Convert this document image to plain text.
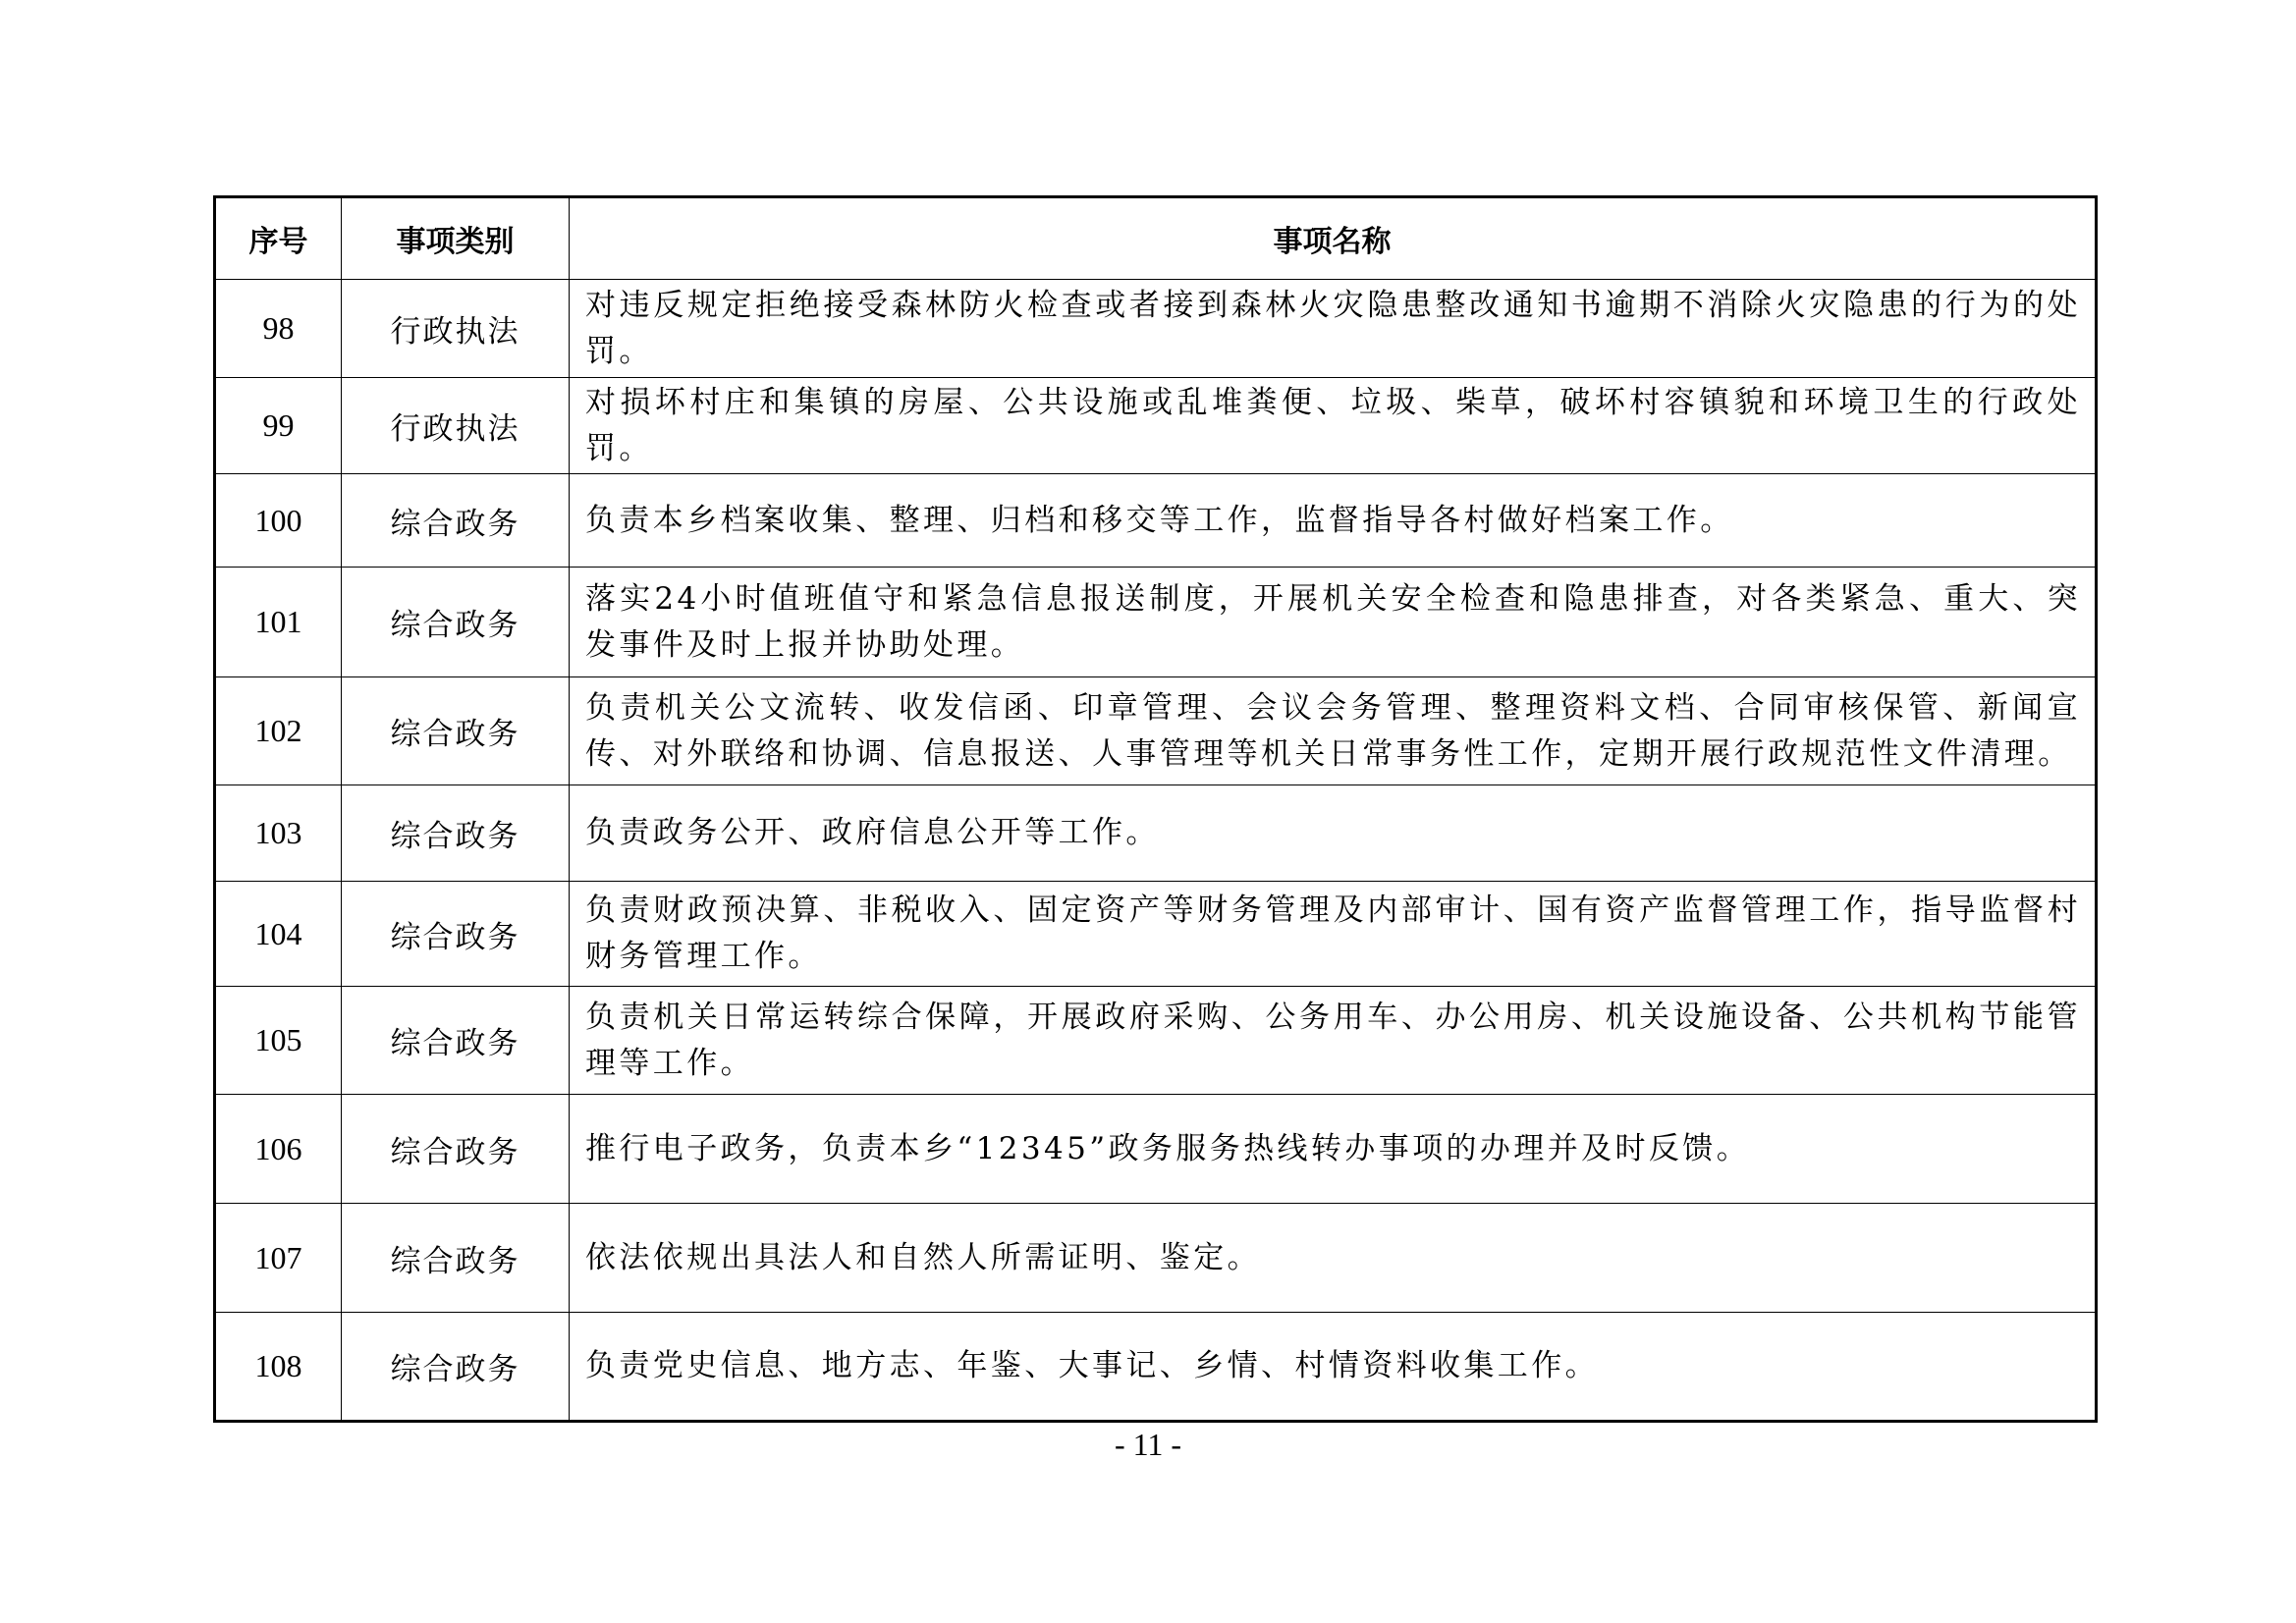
序号	事项类别	事项名称
98	行政执法	对违反规定拒绝接受森林防火检查或者接到森林火灾隐患整改通知书逾期不消除火灾隐患的行为的处罚。
99	行政执法	对损坏村庄和集镇的房屋、公共设施或乱堆粪便、垃圾、柴草，破坏村容镇貌和环境卫生的行政处罚。
100	综合政务	负责本乡档案收集、整理、归档和移交等工作，监督指导各村做好档案工作。
101	综合政务	落实24小时值班值守和紧急信息报送制度，开展机关安全检查和隐患排查，对各类紧急、重大、突发事件及时上报并协助处理。
102	综合政务	负责机关公文流转、收发信函、印章管理、会议会务管理、整理资料文档、合同审核保管、新闻宣传、对外联络和协调、信息报送、人事管理等机关日常事务性工作，定期开展行政规范性文件清理。
103	综合政务	负责政务公开、政府信息公开等工作。
104	综合政务	负责财政预决算、非税收入、固定资产等财务管理及内部审计、国有资产监督管理工作，指导监督村财务管理工作。
105	综合政务	负责机关日常运转综合保障，开展政府采购、公务用车、办公用房、机关设施设备、公共机构节能管理等工作。
106	综合政务	推行电子政务，负责本乡“12345”政务服务热线转办事项的办理并及时反馈。
107	综合政务	依法依规出具法人和自然人所需证明、鉴定。
108	综合政务	负责党史信息、地方志、年鉴、大事记、乡情、村情资料收集工作。
- 11 -
